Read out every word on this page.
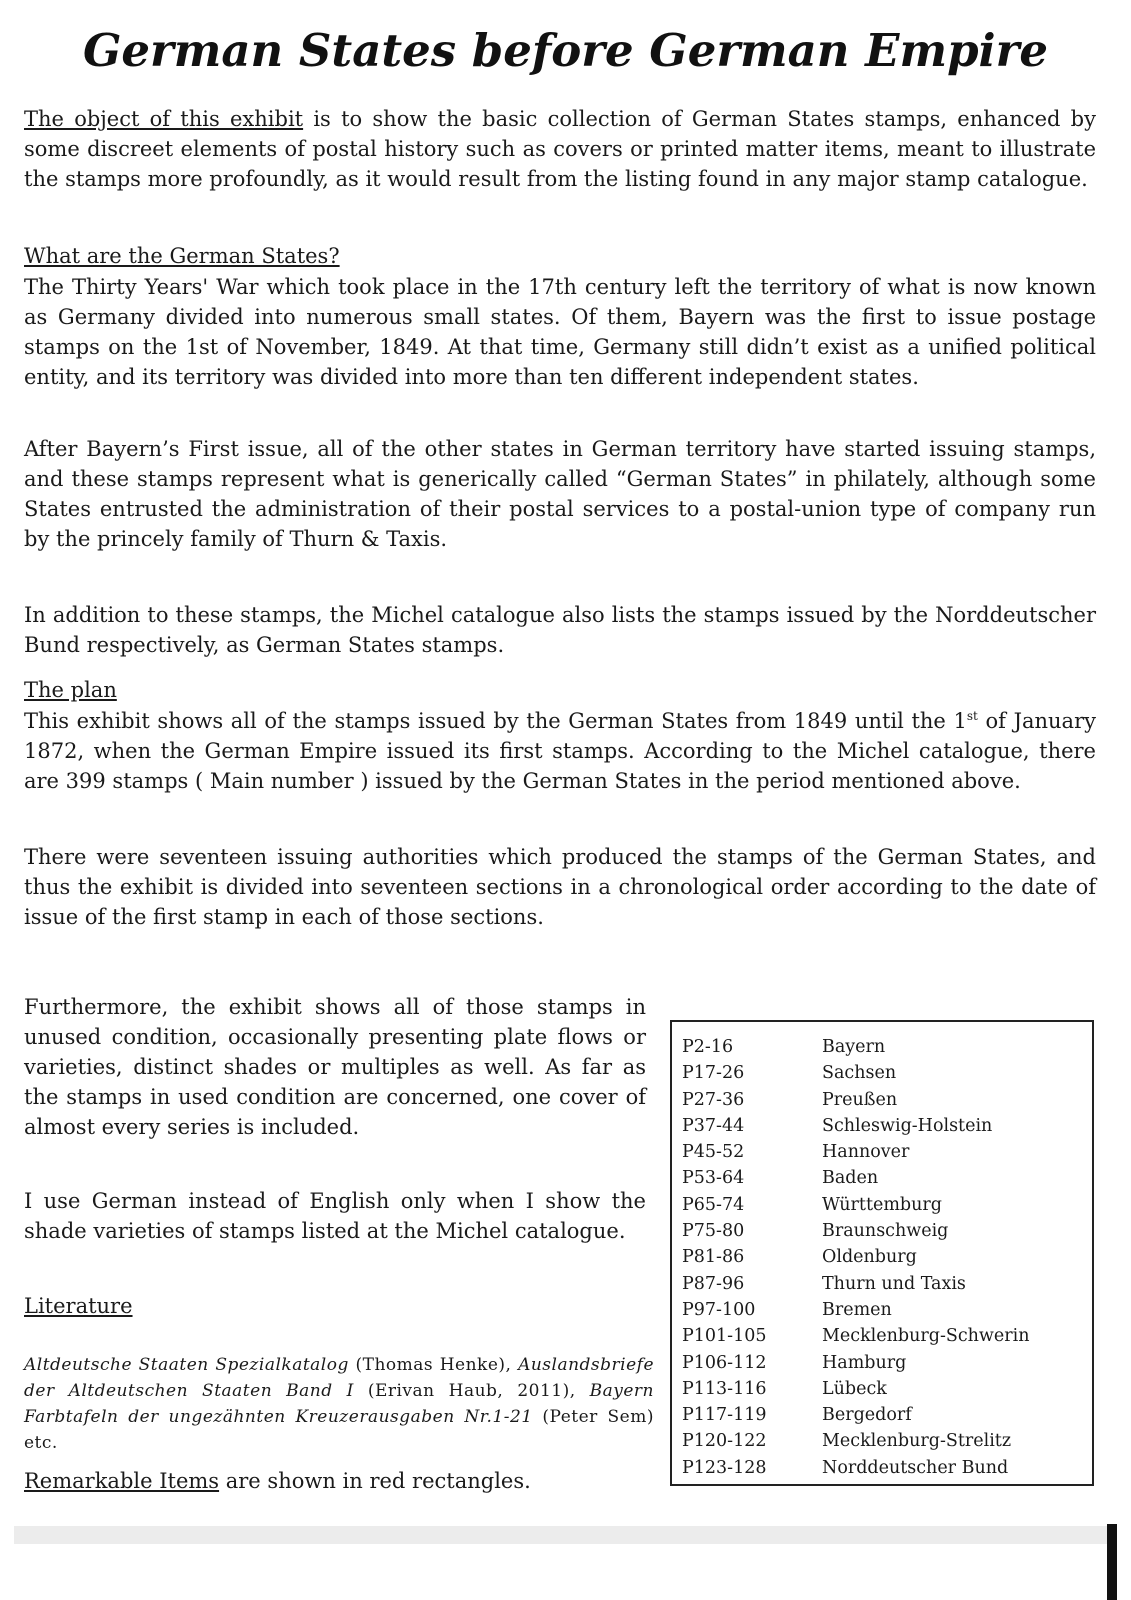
German States before German Empire
The object of this exhibit is to show the basic collection of German States stamps, enhanced by some discreet elements of postal history such as covers or printed matter items, meant to illustrate the stamps more profoundly, as it would result from the listing found in any major stamp catalogue.
What are the German States?
The Thirty Years' War which took place in the 17th century left the territory of what is now known as Germany divided into numerous small states. Of them, Bayern was the first to issue postage stamps on the 1st of November, 1849. At that time, Germany still didn’t exist as a unified political entity, and its territory was divided into more than ten different independent states.
After Bayern’s First issue, all of the other states in German territory have started issuing stamps, and these stamps represent what is generically called “German States” in philately, although some States entrusted the administration of their postal services to a postal-union type of company run by the princely family of Thurn & Taxis.
In addition to these stamps, the Michel catalogue also lists the stamps issued by the Norddeutscher Bund respectively, as German States stamps.
The plan
This exhibit shows all of the stamps issued by the German States from 1849 until the 1st of January 1872, when the German Empire issued its first stamps. According to the Michel catalogue, there are 399 stamps ( Main number ) issued by the German States in the period mentioned above.
There were seventeen issuing authorities which produced the stamps of the German States, and thus the exhibit is divided into seventeen sections in a chronological order according to the date of issue of the first stamp in each of those sections.
Furthermore, the exhibit shows all of those stamps in unused condition, occasionally presenting plate flows or varieties, distinct shades or multiples as well. As far as the stamps in used condition are concerned, one cover of almost every series is included.
I use German instead of English only when I show the shade varieties of stamps listed at the Michel catalogue.
Literature
Altdeutsche Staaten Spezialkatalog (Thomas Henke), Auslandsbriefe der Altdeutschen Staaten Band I (Erivan Haub, 2011), Bayern Farbtafeln der ungezähnten Kreuzerausgaben Nr.1-21 (Peter Sem) etc.
Remarkable Items are shown in red rectangles.
P2-16	Bayern
P17-26	Sachsen
P27-36	Preußen
P37-44	Schleswig-Holstein
P45-52	Hannover
P53-64	Baden
P65-74	Württemburg
P75-80	Braunschweig
P81-86	Oldenburg
P87-96	Thurn und Taxis
P97-100	Bremen
P101-105	Mecklenburg-Schwerin
P106-112	Hamburg
P113-116	Lübeck
P117-119	Bergedorf
P120-122	Mecklenburg-Strelitz
P123-128	Norddeutscher Bund
